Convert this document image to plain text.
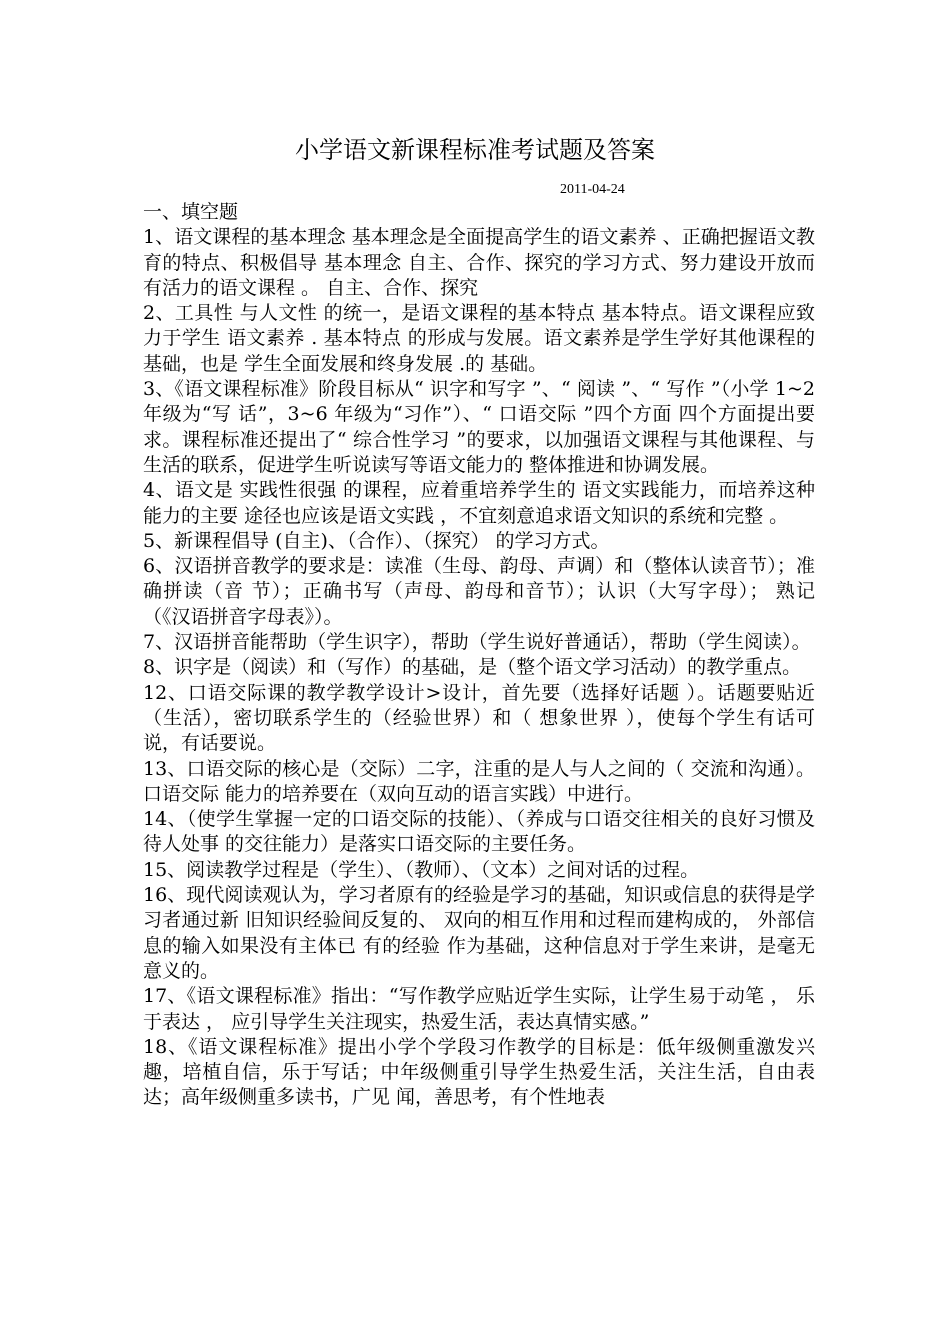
小学语文新课程标准考试题及答案
2011-04-24

一、填空题

1、语文课程的基本理念 基本理念是全面提高学生的语文素养 、正确把握语文教育的特点、积极倡导 基本理念 自主、合作、探究的学习方式、努力建设开放而有活力的语文课程 。 自主、合作、探究

2、工具性 与人文性 的统一，是语文课程的基本特点 基本特点。语文课程应致力于学生 语文素养 . 基本特点 的形成与发展。语文素养是学生学好其他课程的基础，也是 学生全面发展和终身发展 .的 基础。

3、《语文课程标准》阶段目标从“ 识字和写字 ”、“ 阅读 ”、“ 写作 ”（小学 1~2 年级为“写 话”，3~6 年级为“习作”）、“ 口语交际 ”四个方面 四个方面提出要求。课程标准还提出了“ 综合性学习 ”的要求，以加强语文课程与其他课程、与生活的联系，促进学生听说读写等语文能力的 整体推进和协调发展。

4、语文是 实践性很强 的课程，应着重培养学生的 语文实践能力，而培养这种能力的主要 途径也应该是语文实践 ，不宜刻意追求语文知识的系统和完整 。

5、新课程倡导 (自主)、（合作）、（探究） 的学习方式。

6、汉语拼音教学的要求是：读准（生母、韵母、声调）和（整体认读音节）；准确拼读（音 节）；正确书写（声母、韵母和音节）；认识（大写字母）； 熟记（《汉语拼音字母表》）。

7、汉语拼音能帮助（学生识字），帮助（学生说好普通话），帮助（学生阅读）。

8、识字是（阅读）和（写作）的基础，是（整个语文学习活动）的教学重点。

12、口语交际课的教学教学设计>设计，首先要（选择好话题 ）。话题要贴近（生活），密切联系学生的（经验世界）和（ 想象世界 ），使每个学生有话可说，有话要说。

13、口语交际的核心是（交际）二字，注重的是人与人之间的（ 交流和沟通）。口语交际 能力的培养要在（双向互动的语言实践）中进行。

14、（使学生掌握一定的口语交际的技能）、（养成与口语交往相关的良好习惯及待人处事 的交往能力）是落实口语交际的主要任务。

15、阅读教学过程是（学生）、（教师）、（文本）之间对话的过程。

16、现代阅读观认为，学习者原有的经验是学习的基础，知识或信息的获得是学习者通过新 旧知识经验间反复的、 双向的相互作用和过程而建构成的， 外部信息的输入如果没有主体已 有的经验 作为基础，这种信息对于学生来讲，是毫无意义的。

17、《语文课程标准》指出：“写作教学应贴近学生实际，让学生易于动笔 ， 乐于表达 ， 应引导学生关注现实，热爱生活，表达真情实感。”

18、《语文课程标准》提出小学个学段习作教学的目标是：低年级侧重激发兴趣，培植自信，乐于写话；中年级侧重引导学生热爱生活，关注生活，自由表达；高年级侧重多读书，广见 闻，善思考，有个性地表
